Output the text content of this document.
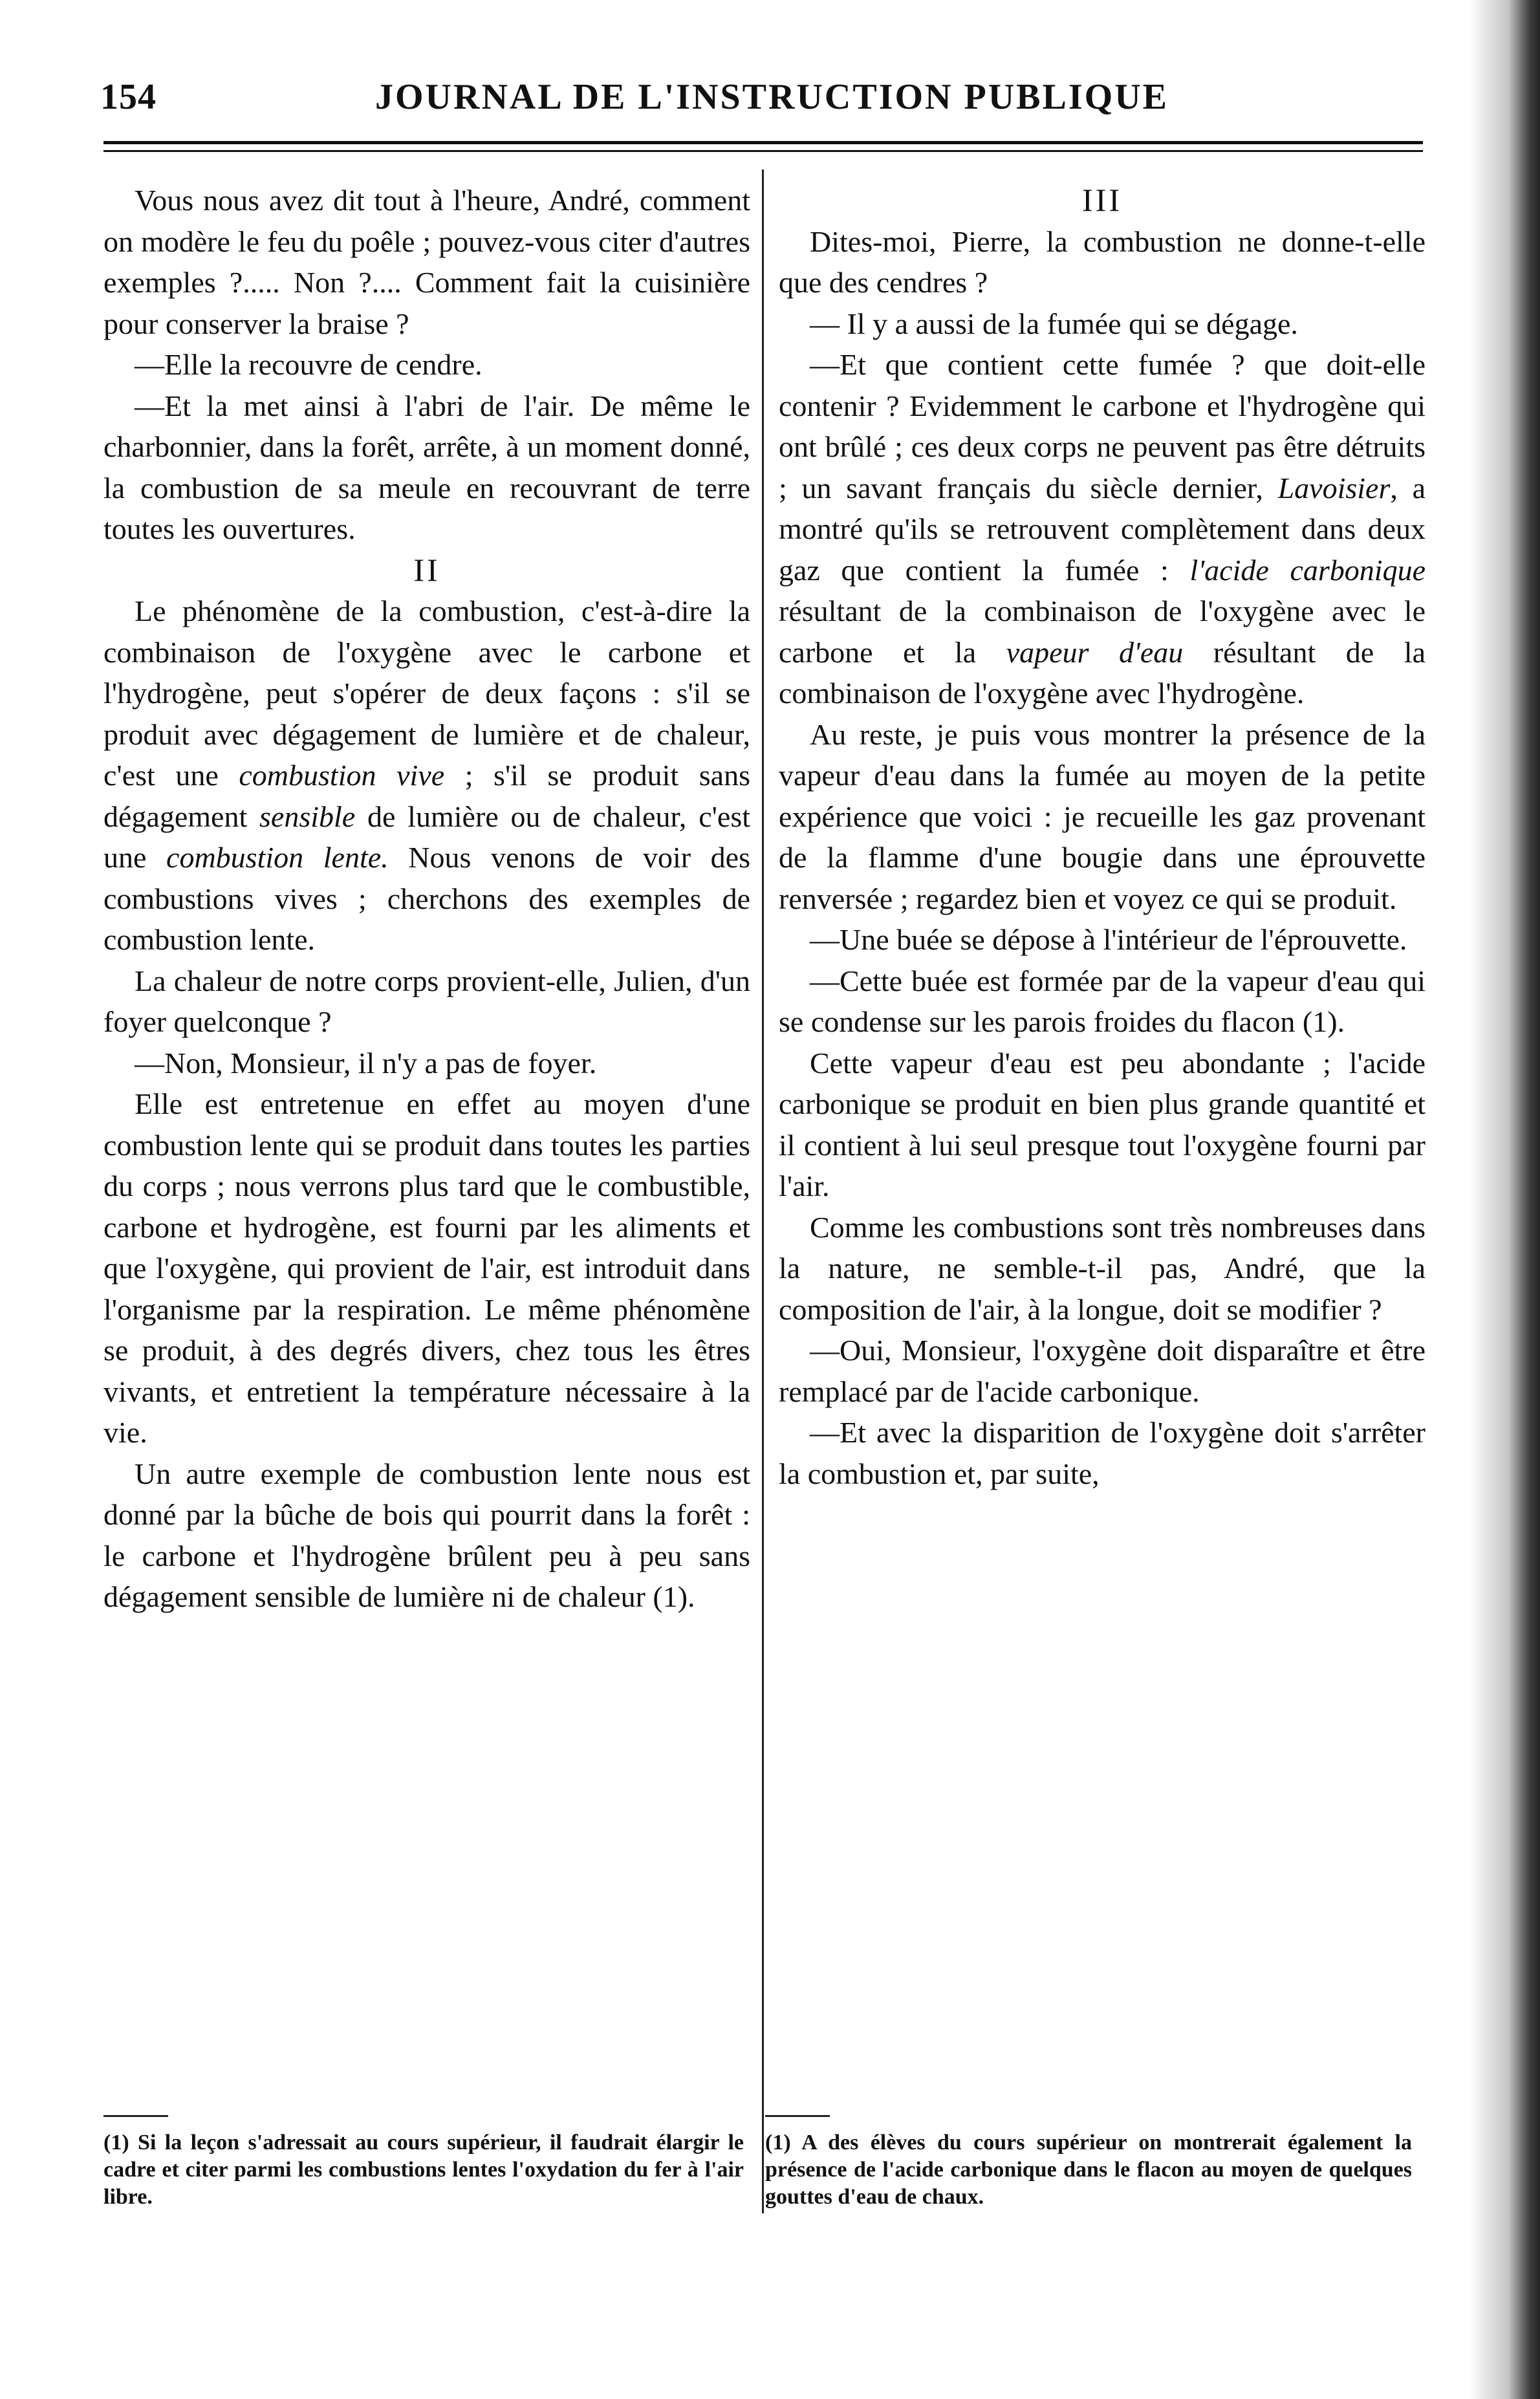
154	JOURNAL DE L'INSTRUCTION PUBLIQUE

Vous nous avez dit tout à l'heure, André, comment on modère le feu du poêle ; pouvez-vous citer d'autres exemples ?..... Non ?.... Comment fait la cuisinière pour conserver la braise ?

—Elle la recouvre de cendre.

—Et la met ainsi à l'abri de l'air. De même le charbonnier, dans la forêt, arrête, à un moment donné, la combustion de sa meule en recouvrant de terre toutes les ouvertures.

II

Le phénomène de la combustion, c'est-à-dire la combinaison de l'oxygène avec le carbone et l'hydrogène, peut s'opérer de deux façons : s'il se produit avec dégagement de lumière et de chaleur, c'est une combustion vive ; s'il se produit sans dégagement sensible de lumière ou de chaleur, c'est une combustion lente. Nous venons de voir des combustions vives ; cherchons des exemples de combustion lente.

La chaleur de notre corps provient-elle, Julien, d'un foyer quelconque ?

—Non, Monsieur, il n'y a pas de foyer.

Elle est entretenue en effet au moyen d'une combustion lente qui se produit dans toutes les parties du corps ; nous verrons plus tard que le combustible, carbone et hydrogène, est fourni par les aliments et que l'oxygène, qui provient de l'air, est introduit dans l'organisme par la respiration. Le même phénomène se produit, à des degrés divers, chez tous les êtres vivants, et entretient la température nécessaire à la vie.

Un autre exemple de combustion lente nous est donné par la bûche de bois qui pourrit dans la forêt : le carbone et l'hydrogène brûlent peu à peu sans dégagement sensible de lumière ni de chaleur (1).

III

Dites-moi, Pierre, la combustion ne donne-t-elle que des cendres ?

— Il y a aussi de la fumée qui se dégage.

—Et que contient cette fumée ? que doit-elle contenir ? Evidemment le carbone et l'hydrogène qui ont brûlé ; ces deux corps ne peuvent pas être détruits ; un savant français du siècle dernier, Lavoisier, a montré qu'ils se retrouvent complètement dans deux gaz que contient la fumée : l'acide carbonique résultant de la combinaison de l'oxygène avec le carbone et la vapeur d'eau résultant de la combinaison de l'oxygène avec l'hydrogène.

Au reste, je puis vous montrer la présence de la vapeur d'eau dans la fumée au moyen de la petite expérience que voici : je recueille les gaz provenant de la flamme d'une bougie dans une éprouvette renversée ; regardez bien et voyez ce qui se produit.

—Une buée se dépose à l'intérieur de l'éprouvette.

—Cette buée est formée par de la vapeur d'eau qui se condense sur les parois froides du flacon (1).

Cette vapeur d'eau est peu abondante ; l'acide carbonique se produit en bien plus grande quantité et il contient à lui seul presque tout l'oxygène fourni par l'air.

Comme les combustions sont très nombreuses dans la nature, ne semble-t-il pas, André, que la composition de l'air, à la longue, doit se modifier ?

—Oui, Monsieur, l'oxygène doit disparaître et être remplacé par de l'acide carbonique.

—Et avec la disparition de l'oxygène doit s'arrêter la combustion et, par suite,

(1) Si la leçon s'adressait au cours supérieur, il faudrait élargir le cadre et citer parmi les combustions lentes l'oxydation du fer à l'air libre.
(1) A des élèves du cours supérieur on montrerait également la présence de l'acide carbonique dans le flacon au moyen de quelques gouttes d'eau de chaux.
